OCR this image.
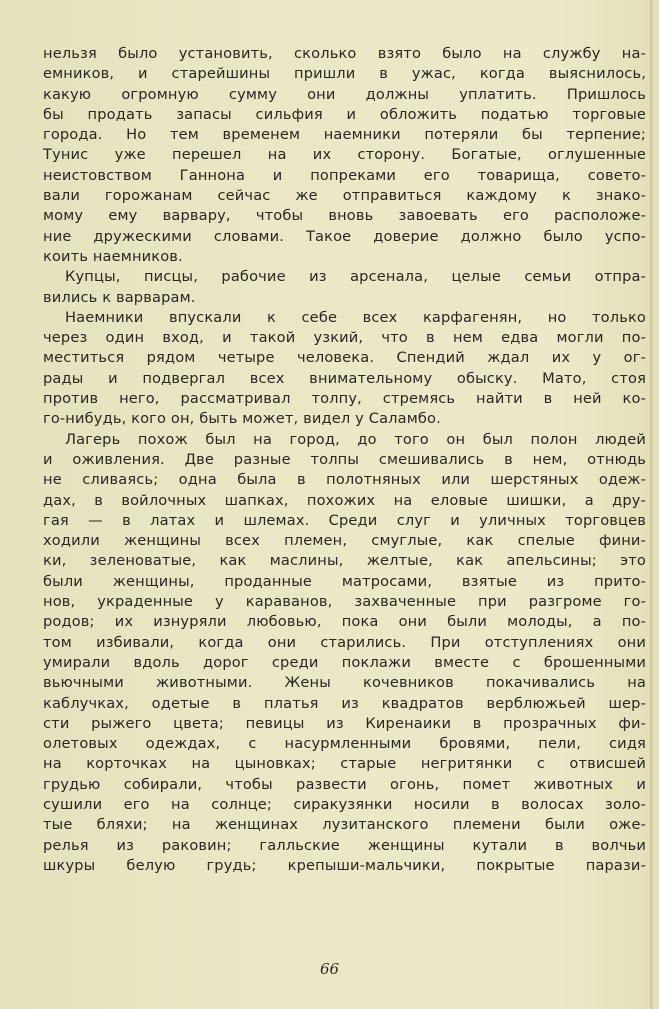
нельзя было установить, сколько взято было на службу на-
емников, и старейшины пришли в ужас, когда выяснилось,
какую огромную сумму они должны уплатить. Пришлось
бы продать запасы сильфия и обложить податью торговые
города. Но тем временем наемники потеряли бы терпение;
Тунис уже перешел на их сторону. Богатые, оглушенные
неистовством Ганнона и попреками его товарища, совето-
вали горожанам сейчас же отправиться каждому к знако-
мому ему варвару, чтобы вновь завоевать его расположе-
ние дружескими словами. Такое доверие должно было успо-
коить наемников.
Купцы, писцы, рабочие из арсенала, целые семьи отпра-
вились к варварам.
Наемники впускали к себе всех карфагенян, но только
через один вход, и такой узкий, что в нем едва могли по-
меститься рядом четыре человека. Спендий ждал их у ог-
рады и подвергал всех внимательному обыску. Мато, стоя
против него, рассматривал толпу, стремясь найти в ней ко-
го-нибудь, кого он, быть может, видел у Саламбо.
Лагерь похож был на город, до того он был полон людей
и оживления. Две разные толпы смешивались в нем, отнюдь
не сливаясь; одна была в полотняных или шерстяных одеж-
дах, в войлочных шапках, похожих на еловые шишки, а дру-
гая — в латах и шлемах. Среди слуг и уличных торговцев
ходили женщины всех племен, смуглые, как спелые фини-
ки, зеленоватые, как маслины, желтые, как апельсины; это
были женщины, проданные матросами, взятые из прито-
нов, украденные у караванов, захваченные при разгроме го-
родов; их изнуряли любовью, пока они были молоды, а по-
том избивали, когда они старились. При отступлениях они
умирали вдоль дорог среди поклажи вместе с брошенными
вьючными животными. Жены кочевников покачивались на
каблучках, одетые в платья из квадратов верблюжьей шер-
сти рыжего цвета; певицы из Киренаики в прозрачных фи-
олетовых одеждах, с насурмленными бровями, пели, сидя
на корточках на цыновках; старые негритянки с отвисшей
грудью собирали, чтобы развести огонь, помет животных и
сушили его на солнце; сиракузянки носили в волосах золо-
тые бляхи; на женщинах лузитанского племени были оже-
релья из раковин; галльские женщины кутали в волчьи
шкуры белую грудь; крепыши-мальчики, покрытые парази-
66
